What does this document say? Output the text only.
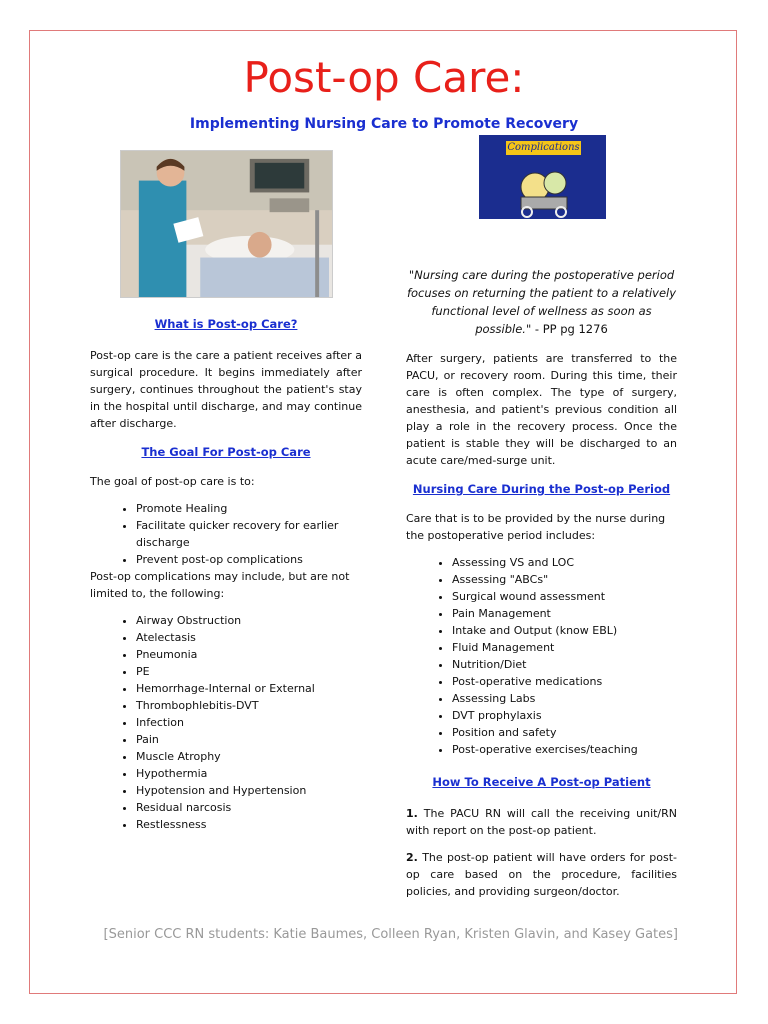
Post-op Care:
Implementing Nursing Care to Promote Recovery
Complications

What is Post-op Care?

Post-op care is the care a patient receives after a surgical procedure. It begins immediately after surgery, continues throughout the patient's stay in the hospital until discharge, and may continue after discharge.

The Goal For Post-op Care

The goal of post-op care is to:

• Promote Healing
• Facilitate quicker recovery for earlier discharge
• Prevent post-op complications

Post-op complications may include, but are not limited to, the following:

• Airway Obstruction
• Atelectasis
• Pneumonia
• PE
• Hemorrhage-Internal or External
• Thrombophlebitis-DVT
• Infection
• Pain
• Muscle Atrophy
• Hypothermia
• Hypotension and Hypertension
• Residual narcosis
• Restlessness

"Nursing care during the postoperative period focuses on returning the patient to a relatively functional level of wellness as soon as possible." - PP pg 1276

After surgery, patients are transferred to the PACU, or recovery room. During this time, their care is often complex. The type of surgery, anesthesia, and patient's previous condition all play a role in the recovery process. Once the patient is stable they will be discharged to an acute care/med-surge unit.

Nursing Care During the Post-op Period

Care that is to be provided by the nurse during the postoperative period includes:

• Assessing VS and LOC
• Assessing "ABCs"
• Surgical wound assessment
• Pain Management
• Intake and Output (know EBL)
• Fluid Management
• Nutrition/Diet
• Post-operative medications
• Assessing Labs
• DVT prophylaxis
• Position and safety
• Post-operative exercises/teaching

How To Receive A Post-op Patient

1. The PACU RN will call the receiving unit/RN with report on the post-op patient.

2. The post-op patient will have orders for post-op care based on the procedure, facilities policies, and providing surgeon/doctor.

[Senior CCC RN students: Katie Baumes, Colleen Ryan, Kristen Glavin, and Kasey Gates]
